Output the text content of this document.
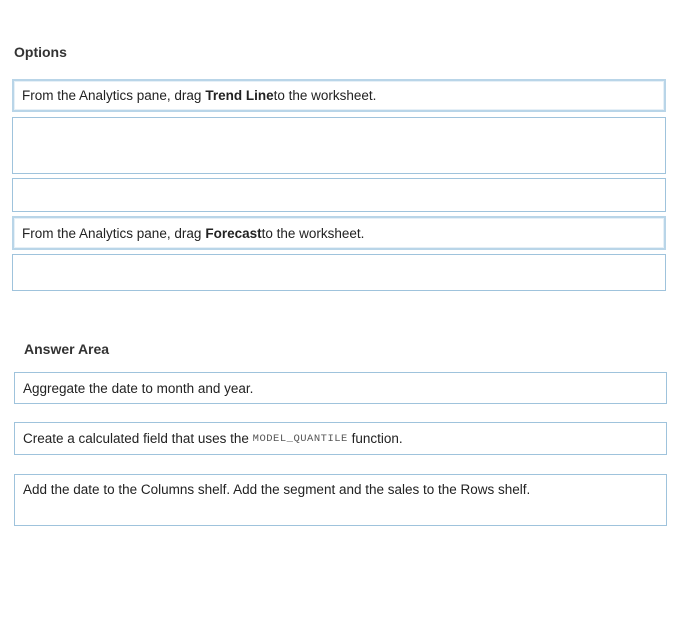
Options
From the Analytics pane, drag Trend Line to the worksheet.
From the Analytics pane, drag Forecast to the worksheet.
Answer Area
Aggregate the date to month and year.
Create a calculated field that uses the MODEL_QUANTILE function.
Add the date to the Columns shelf. Add the segment and the sales to the Rows shelf.
